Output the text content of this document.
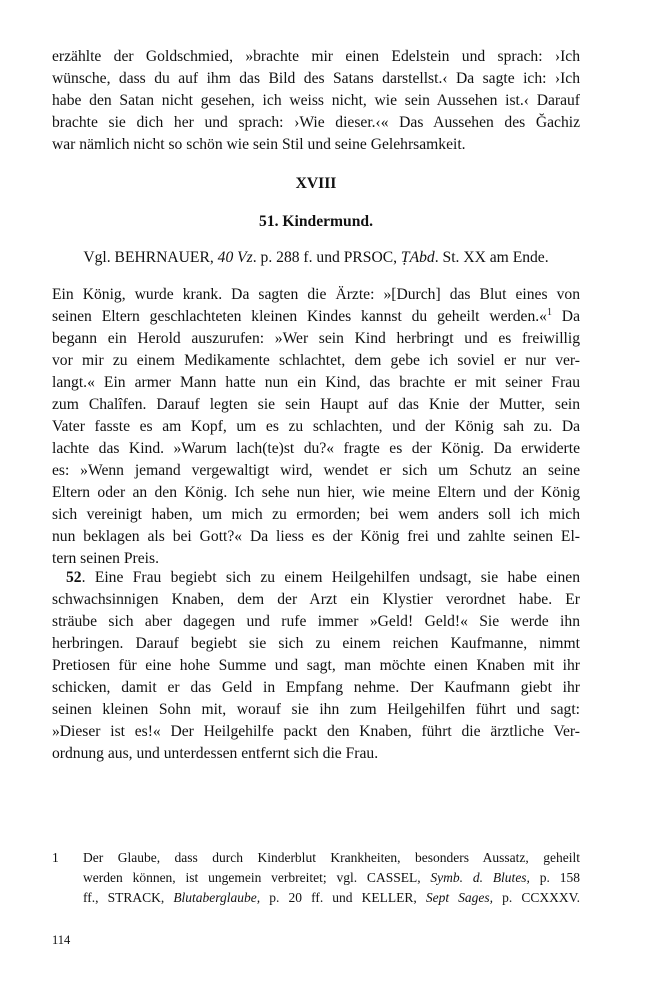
erzählte der Goldschmied, »brachte mir einen Edelstein und sprach: ›Ich
wünsche, dass du auf ihm das Bild des Satans darstellst.‹ Da sagte ich: ›Ich
habe den Satan nicht gesehen, ich weiss nicht, wie sein Aussehen ist.‹ Darauf
brachte sie dich her und sprach: ›Wie dieser.‹« Das Aussehen des Ğachiz
war nämlich nicht so schön wie sein Stil und seine Gelehrsamkeit.
XVIII
51. Kindermund.
Vgl. BEHRNAUER, 40 Vz. p. 288 f. und PRSOC, ṬAbd. St. XX am Ende.
Ein König, wurde krank. Da sagten die Ärzte: »[Durch] das Blut eines von
seinen Eltern geschlachteten kleinen Kindes kannst du geheilt werden.«$^1$ Da
begann ein Herold auszurufen: »Wer sein Kind herbringt und es freiwillig
vor mir zu einem Medikamente schlachtet, dem gebe ich soviel er nur ver-
langt.« Ein armer Mann hatte nun ein Kind, das brachte er mit seiner Frau
zum Chalîfen. Darauf legten sie sein Haupt auf das Knie der Mutter, sein
Vater fasste es am Kopf, um es zu schlachten, und der König sah zu. Da
lachte das Kind. »Warum lach(te)st du?« fragte es der König. Da erwiderte
es: »Wenn jemand vergewaltigt wird, wendet er sich um Schutz an seine
Eltern oder an den König. Ich sehe nun hier, wie meine Eltern und der König
sich vereinigt haben, um mich zu ermorden; bei wem anders soll ich mich
nun beklagen als bei Gott?« Da liess es der König frei und zahlte seinen El-
tern seinen Preis.
52. Eine Frau begiebt sich zu einem Heilgehilfen undsagt, sie habe einen
schwachsinnigen Knaben, dem der Arzt ein Klystier verordnet habe. Er
sträube sich aber dagegen und rufe immer »Geld! Geld!« Sie werde ihn
herbringen. Darauf begiebt sie sich zu einem reichen Kaufmanne, nimmt
Pretiosen für eine hohe Summe und sagt, man möchte einen Knaben mit ihr
schicken, damit er das Geld in Empfang nehme. Der Kaufmann giebt ihr
seinen kleinen Sohn mit, worauf sie ihn zum Heilgehilfen führt und sagt:
»Dieser ist es!« Der Heilgehilfe packt den Knaben, führt die ärztliche Ver-
ordnung aus, und unterdessen entfernt sich die Frau.
1 Der Glaube, dass durch Kinderblut Krankheiten, besonders Aussatz, geheilt
werden können, ist ungemein verbreitet; vgl. CASSEL, Symb. d. Blutes, p. 158
ff., STRACK, Blutaberglaube, p. 20 ff. und KELLER, Sept Sages, p. CCXXXV.
114
